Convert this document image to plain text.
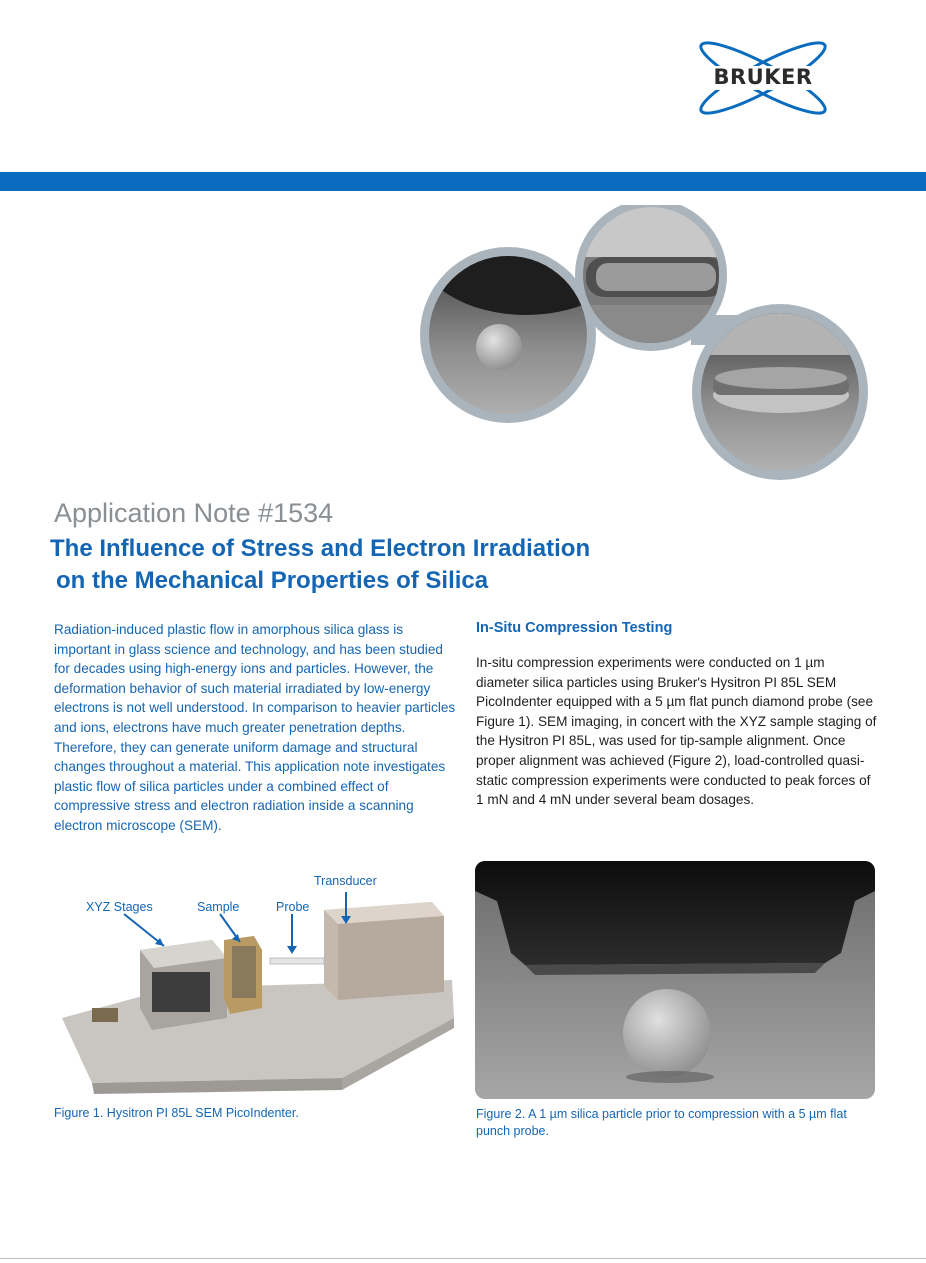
BRUKER
Application Note #1534
The Influence of Stress and Electron Irradiation
on the Mechanical Properties of Silica

Radiation-induced plastic flow in amorphous silica glass is important in glass science and technology, and has been studied for decades using high-energy ions and particles. However, the deformation behavior of such material irradiated by low-energy electrons is not well understood. In comparison to heavier particles and ions, electrons have much greater penetration depths. Therefore, they can generate uniform damage and structural changes throughout a material. This application note investigates plastic flow of silica particles under a combined effect of compressive stress and electron radiation inside a scanning electron microscope (SEM).

In-Situ Compression Testing

In-situ compression experiments were conducted on 1 µm diameter silica particles using Bruker's Hysitron PI 85L SEM PicoIndenter equipped with a 5 µm flat punch diamond probe (see Figure 1). SEM imaging, in concert with the XYZ sample staging of the Hysitron PI 85L, was used for tip-sample alignment. Once proper alignment was achieved (Figure 2), load-controlled quasi-static compression experiments were conducted to peak forces of 1 mN and 4 mN under several beam dosages.

XYZ Stages	Sample	Probe
Transducer

Figure 1. Hysitron PI 85L SEM PicoIndenter.	Figure 2. A 1 µm silica particle prior to compression with a 5 µm flat punch probe.
